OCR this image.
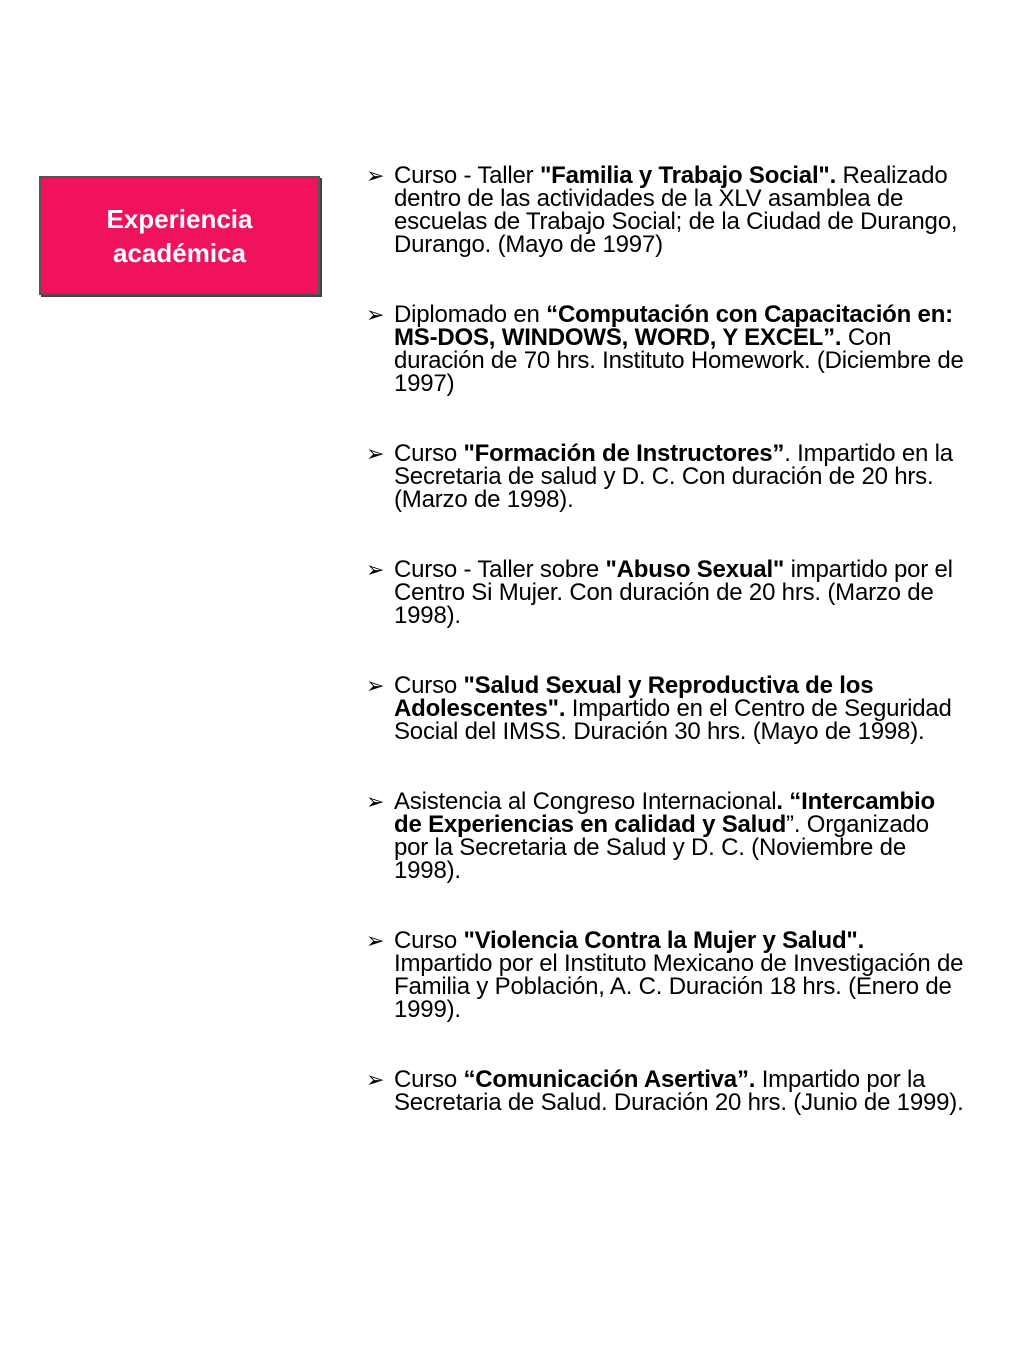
Experiencia
académica
➢ Curso - Taller "Familia y Trabajo Social". Realizado dentro de las actividades de la XLV asamblea de escuelas de Trabajo Social; de la Ciudad de Durango, Durango. (Mayo de 1997)
➢ Diplomado en “Computación con Capacitación en: MS-DOS, WINDOWS, WORD, Y EXCEL”. Con duración de 70 hrs. Instituto Homework. (Diciembre de 1997)
➢ Curso "Formación de Instructores”. Impartido en la Secretaria de salud y D. C. Con duración de 20 hrs. (Marzo de 1998).
➢ Curso - Taller sobre "Abuso Sexual" impartido por el Centro Si Mujer. Con duración de 20 hrs. (Marzo de 1998).
➢ Curso "Salud Sexual y Reproductiva de los Adolescentes". Impartido en el Centro de Seguridad Social del IMSS. Duración 30 hrs. (Mayo de 1998).
➢ Asistencia al Congreso Internacional. “Intercambio de Experiencias en calidad y Salud”. Organizado por la Secretaria de Salud y D. C. (Noviembre de 1998).
➢ Curso "Violencia Contra la Mujer y Salud". Impartido por el Instituto Mexicano de Investigación de Familia y Población, A. C. Duración 18 hrs. (Enero de 1999).
➢ Curso “Comunicación Asertiva”. Impartido por la Secretaria de Salud. Duración 20 hrs. (Junio de 1999).
